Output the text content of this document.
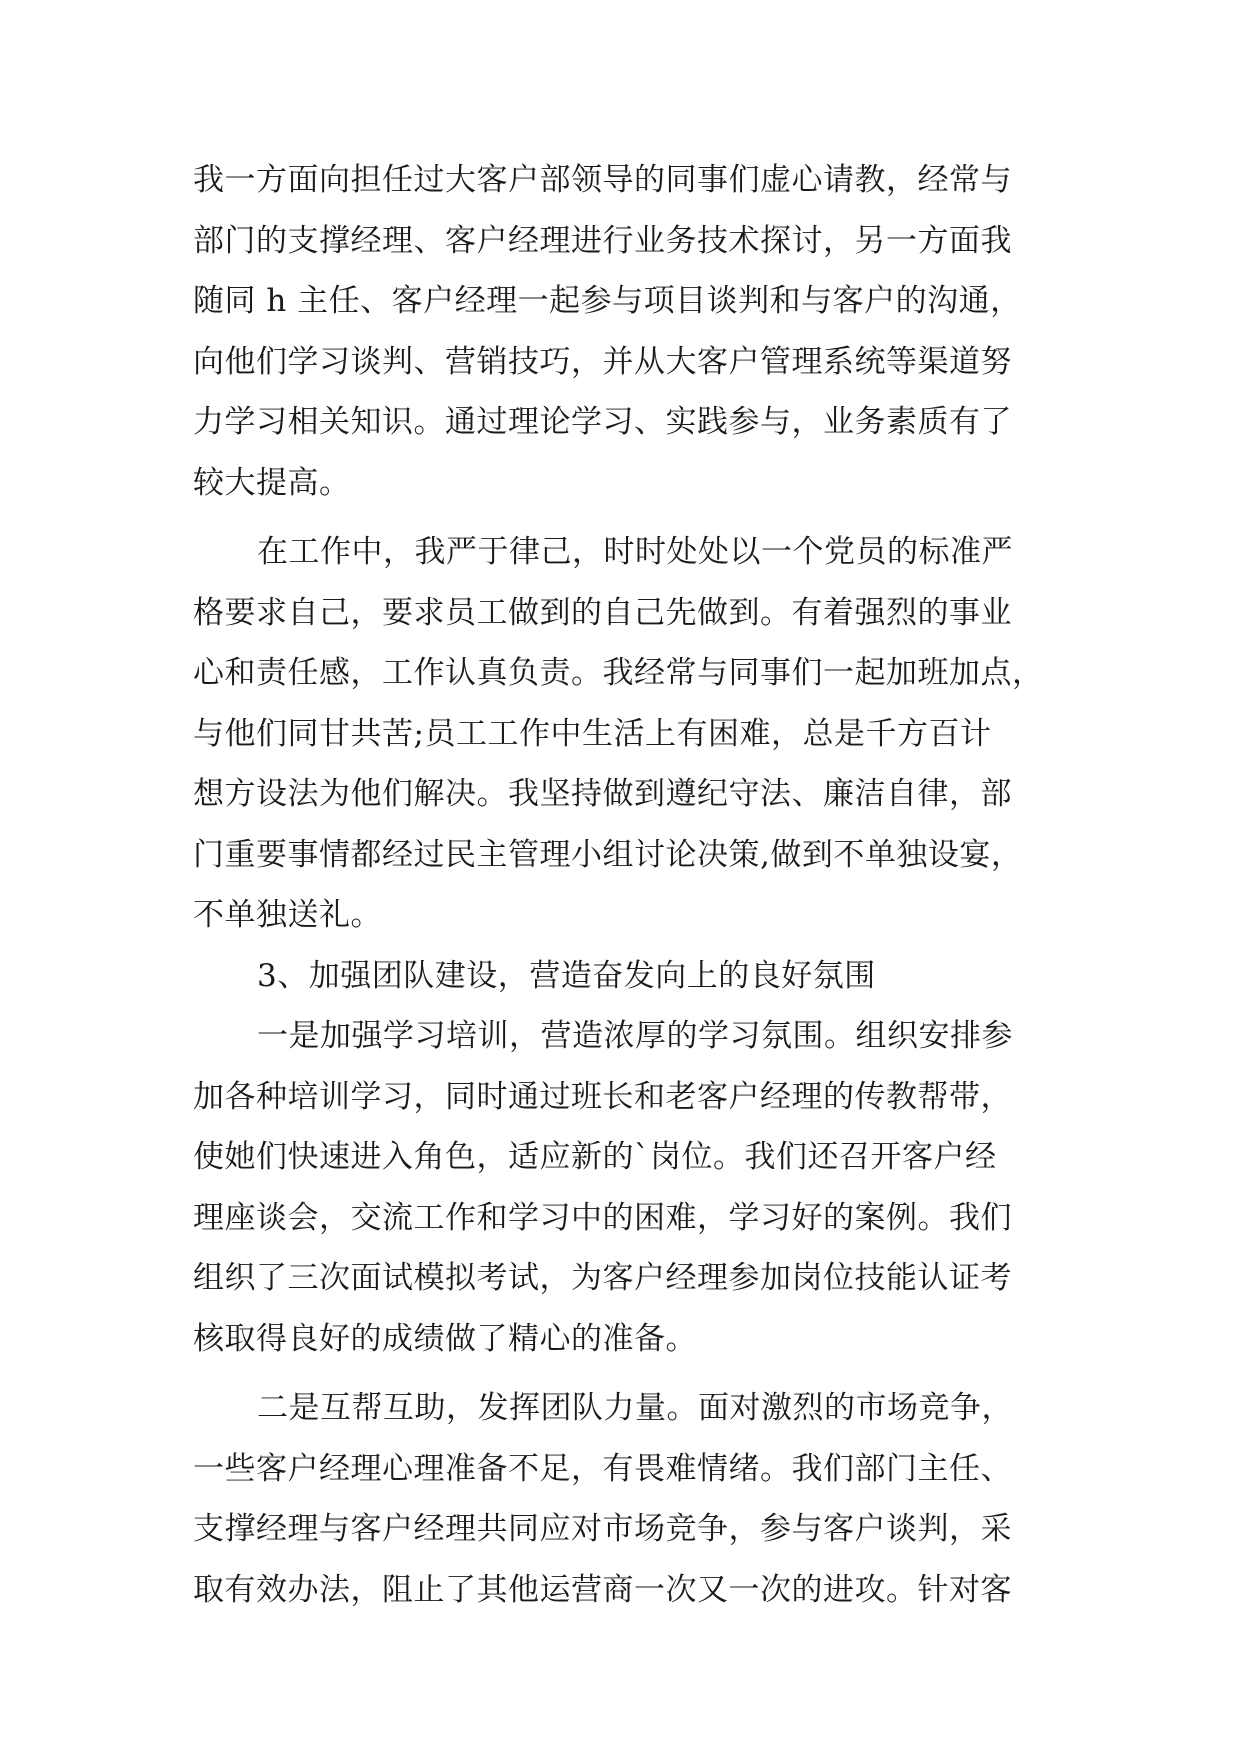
我一方面向担任过大客户部领导的同事们虚心请教，经常与
部门的支撑经理、客户经理进行业务技术探讨，另一方面我
随同 h 主任、客户经理一起参与项目谈判和与客户的沟通，
向他们学习谈判、营销技巧，并从大客户管理系统等渠道努
力学习相关知识。通过理论学习、实践参与，业务素质有了
较大提高。
在工作中，我严于律己，时时处处以一个党员的标准严
格要求自己，要求员工做到的自己先做到。有着强烈的事业
心和责任感，工作认真负责。我经常与同事们一起加班加点，
与他们同甘共苦;员工工作中生活上有困难，总是千方百计
想方设法为他们解决。我坚持做到遵纪守法、廉洁自律，部
门重要事情都经过民主管理小组讨论决策,做到不单独设宴，
不单独送礼。
3、加强团队建设，营造奋发向上的良好氛围
一是加强学习培训，营造浓厚的学习氛围。组织安排参
加各种培训学习，同时通过班长和老客户经理的传教帮带，
使她们快速进入角色，适应新的`岗位。我们还召开客户经
理座谈会，交流工作和学习中的困难，学习好的案例。我们
组织了三次面试模拟考试，为客户经理参加岗位技能认证考
核取得良好的成绩做了精心的准备。
二是互帮互助，发挥团队力量。面对激烈的市场竞争，
一些客户经理心理准备不足，有畏难情绪。我们部门主任、
支撑经理与客户经理共同应对市场竞争，参与客户谈判，采
取有效办法，阻止了其他运营商一次又一次的进攻。针对客
